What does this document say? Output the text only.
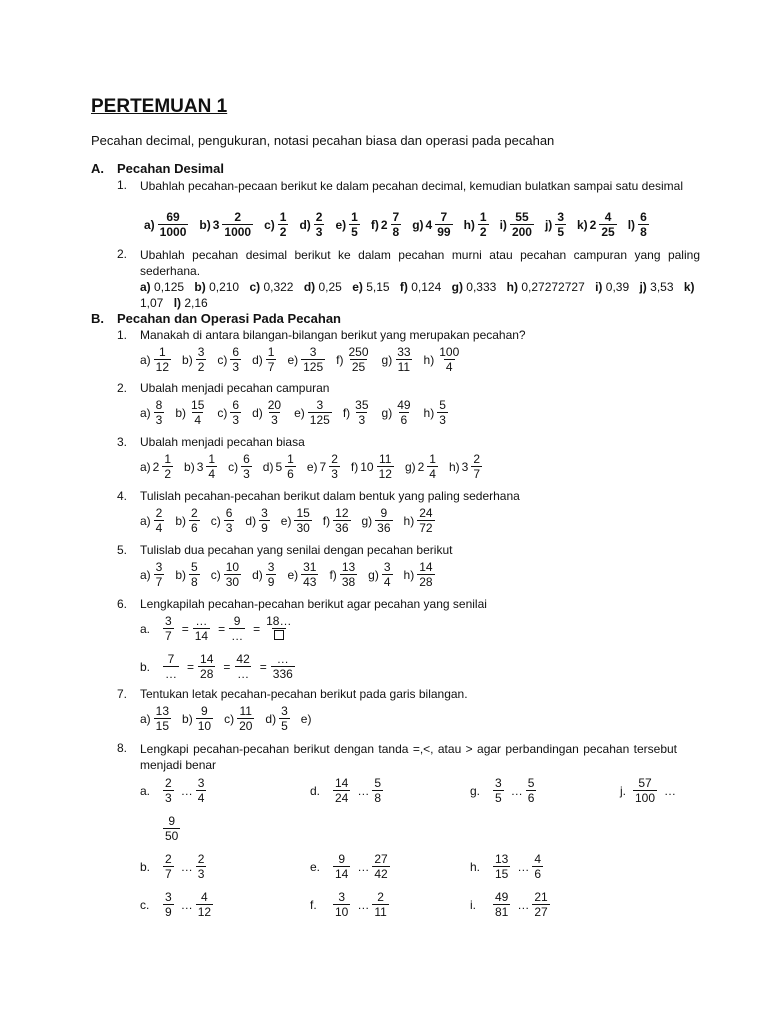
PERTEMUAN 1
Pecahan decimal, pengukuran, notasi pecahan biasa dan operasi pada pecahan
A. Pecahan Desimal
1. Ubahlah pecahan-pecaan berikut ke dalam pecahan decimal, kemudian bulatkan sampai satu desimal
$a) \frac{69}{1000} b$) $3 \frac{2}{1000} c) \frac{1}{2} d) \frac{2}{3} e) \frac{1}{5} f$) $2 \frac{7}{8} g$) $4 \frac{7}{99} h) \frac{1}{2} i) \frac{55}{200} j) \frac{3}{5} k$) $2 \frac{4}{25} l) \frac{6}{8}$
2. Ubahlah pecahan desimal berikut ke dalam pecahan murni atau pecahan campuran yang paling sederhana.
a) 0,125 b) 0,210 c) 0,322 d) 0,25 e) 5,15 f) 0,124 g) 0,333 h) 0,27272727 i) 0,39 j) 3,53 k) 1,07 l) 2,16
B. Pecahan dan Operasi Pada Pecahan
1. Manakah di antara bilangan-bilangan berikut yang merupakan pecahan?
$a) \frac{1}{12} b) \frac{3}{2} c) \frac{6}{3} d) \frac{1}{7} e) \frac{3}{125} f) \frac{250}{25} g) \frac{33}{11} h) \frac{100}{4}$
2. Ubalah menjadi pecahan campuran
$a) \frac{8}{3} b) \frac{15}{4} c) \frac{6}{3} d) \frac{20}{3} e) \frac{3}{125} f) \frac{35}{3} g) \frac{49}{6} h) \frac{5}{3}$
3. Ubalah menjadi pecahan biasa
a) $2 \frac{1}{2} b$) $3 \frac{1}{4} c) \frac{6}{3} d$) $5 \frac{1}{6} e$) $7 \frac{2}{3} f$) $10 \frac{11}{12} g$) $2 \frac{1}{4} h$) $3 \frac{2}{7}$
4. Tulislah pecahan-pecahan berikut dalam bentuk yang paling sederhana
$a) \frac{2}{4} b) \frac{2}{6} c) \frac{6}{3} d) \frac{3}{9} e) \frac{15}{30} f) \frac{12}{36} g) \frac{9}{36} h) \frac{24}{72}$
5. Tulislab dua pecahan yang senilai dengan pecahan berikut
$a) \frac{3}{7} b) \frac{5}{8} c) \frac{10}{30} d) \frac{3}{9} e) \frac{31}{43} f) \frac{13}{38} g) \frac{3}{4} h) \frac{14}{28}$
6. Lengkapilah pecahan-pecahan berikut agar pecahan yang senilai
a.	$\frac{3}{7} = \frac{\dots}{14} = \frac{9}{\dots}$ =
18…
b.	$\frac{7}{\dots} = \frac{14}{28} = \frac{42}{\dots} = \frac{\dots}{336}$
7. Tentukan letak pecahan-pecahan berikut pada garis bilangan.
$a) \frac{13}{15} b) \frac{9}{10} c) \frac{11}{20} d) \frac{3}{5} e$)
8. Lengkapi pecahan-pecahan berikut dengan tanda =,<, atau > agar perbandingan pecahan tersebut menjadi benar
a.	$\frac{2}{3}$ … $\frac{3}{4}$	d.	$\frac{14}{24}$ … $\frac{5}{8}$	g.	$\frac{3}{5}$ … $\frac{5}{6}$	j. $\frac{57}{100}$ …
$\frac{9}{50}$
b.	$\frac{2}{7}$ … $\frac{2}{3}$	e.	$\frac{9}{14}$ … $\frac{27}{42}$	h.	$\frac{13}{15}$ … $\frac{4}{6}$
c.	$\frac{3}{9}$ … $\frac{4}{12}$	f.	$\frac{3}{10}$ … $\frac{2}{11}$	i.	$\frac{49}{81}$ … $\frac{21}{27}$
